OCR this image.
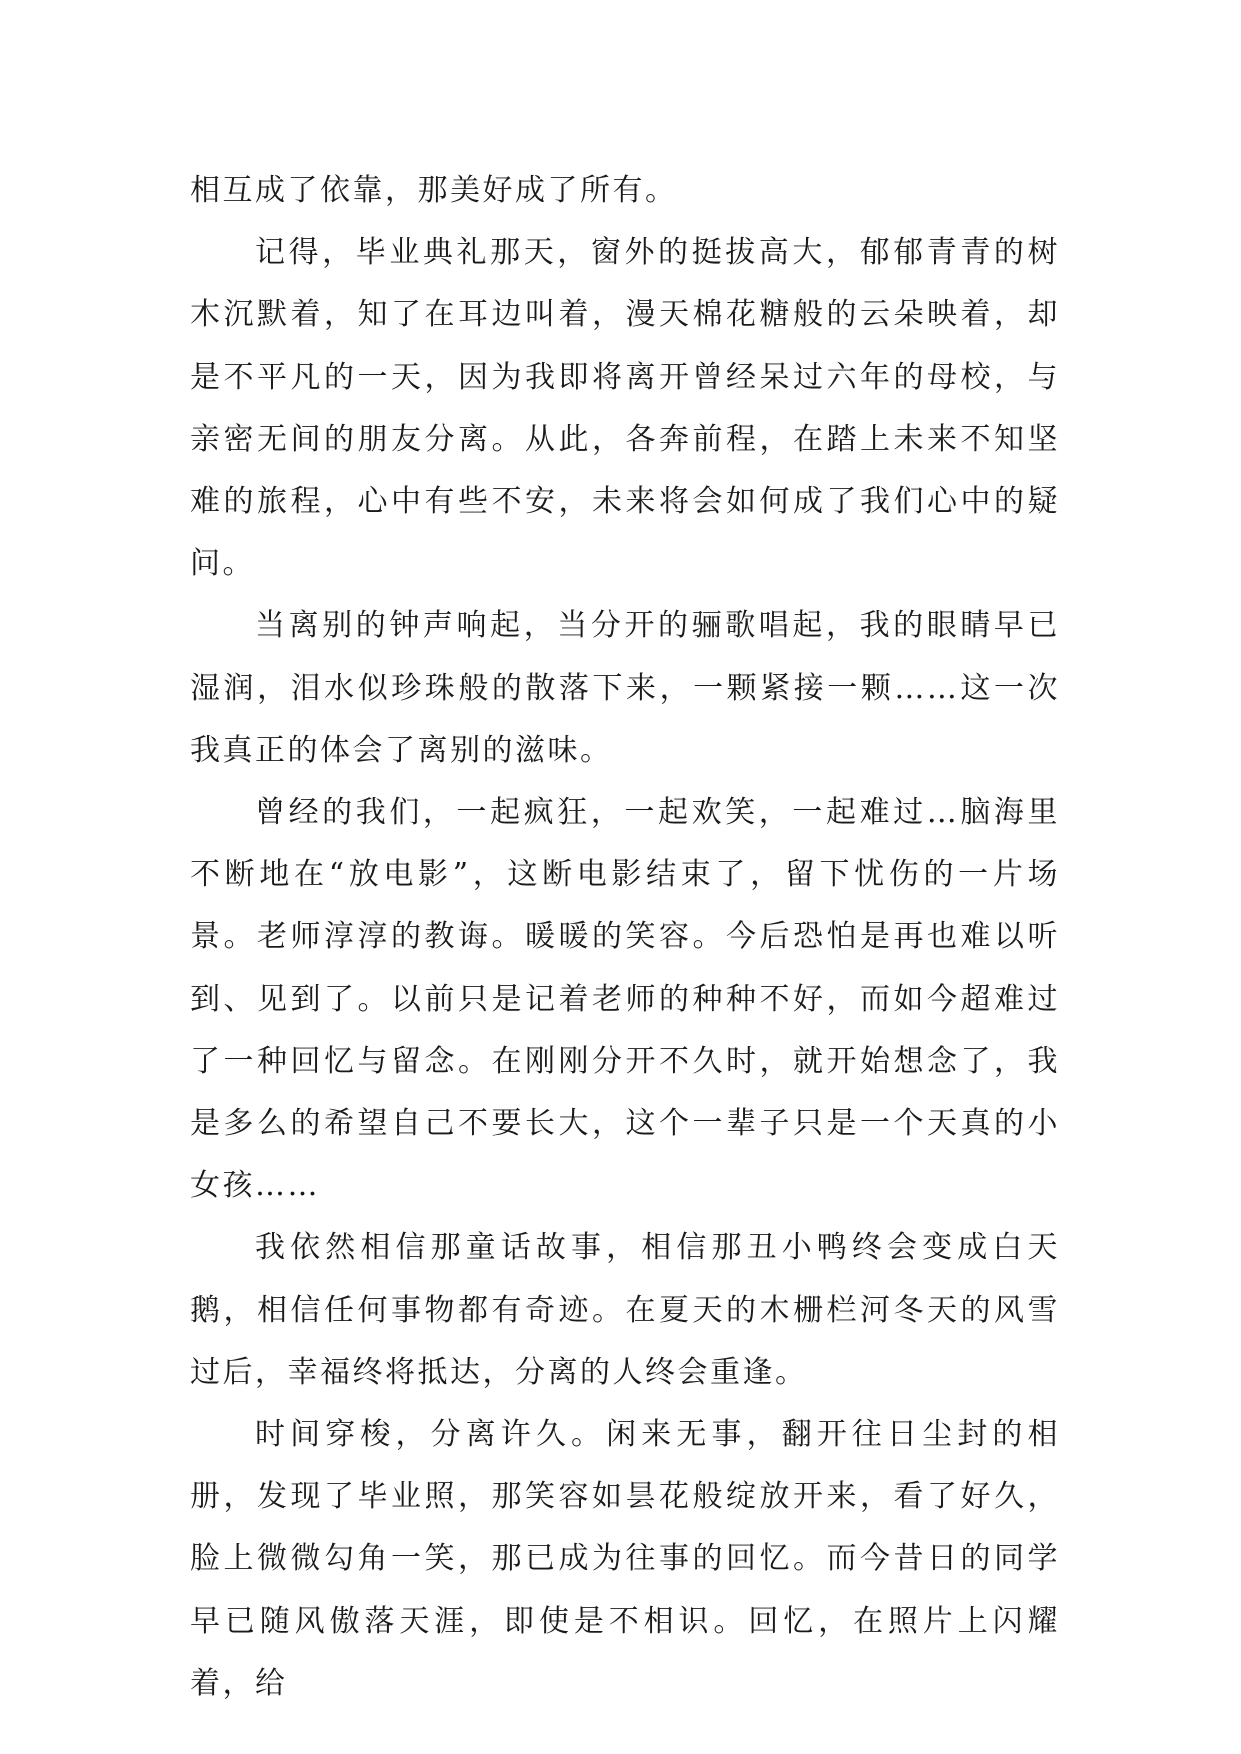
相互成了依靠，那美好成了所有。

记得，毕业典礼那天，窗外的挺拔高大，郁郁青青的树木沉默着，知了在耳边叫着，漫天棉花糖般的云朵映着，却是不平凡的一天，因为我即将离开曾经呆过六年的母校，与亲密无间的朋友分离。从此，各奔前程，在踏上未来不知坚难的旅程，心中有些不安，未来将会如何成了我们心中的疑问。

当离别的钟声响起，当分开的骊歌唱起，我的眼睛早已湿润，泪水似珍珠般的散落下来，一颗紧接一颗……这一次我真正的体会了离别的滋味。

曾经的我们，一起疯狂，一起欢笑，一起难过…脑海里不断地在“放电影”，这断电影结束了，留下忧伤的一片场景。老师淳淳的教诲。暖暖的笑容。今后恐怕是再也难以听到、见到了。以前只是记着老师的种种不好，而如今超难过了一种回忆与留念。在刚刚分开不久时，就开始想念了，我是多么的希望自己不要长大，这个一辈子只是一个天真的小女孩……

我依然相信那童话故事，相信那丑小鸭终会变成白天鹅，相信任何事物都有奇迹。在夏天的木栅栏河冬天的风雪过后，幸福终将抵达，分离的人终会重逢。

时间穿梭，分离许久。闲来无事，翻开往日尘封的相册，发现了毕业照，那笑容如昙花般绽放开来，看了好久，脸上微微勾角一笑，那已成为往事的回忆。而今昔日的同学早已随风傲落天涯，即使是不相识。回忆，在照片上闪耀着，给
